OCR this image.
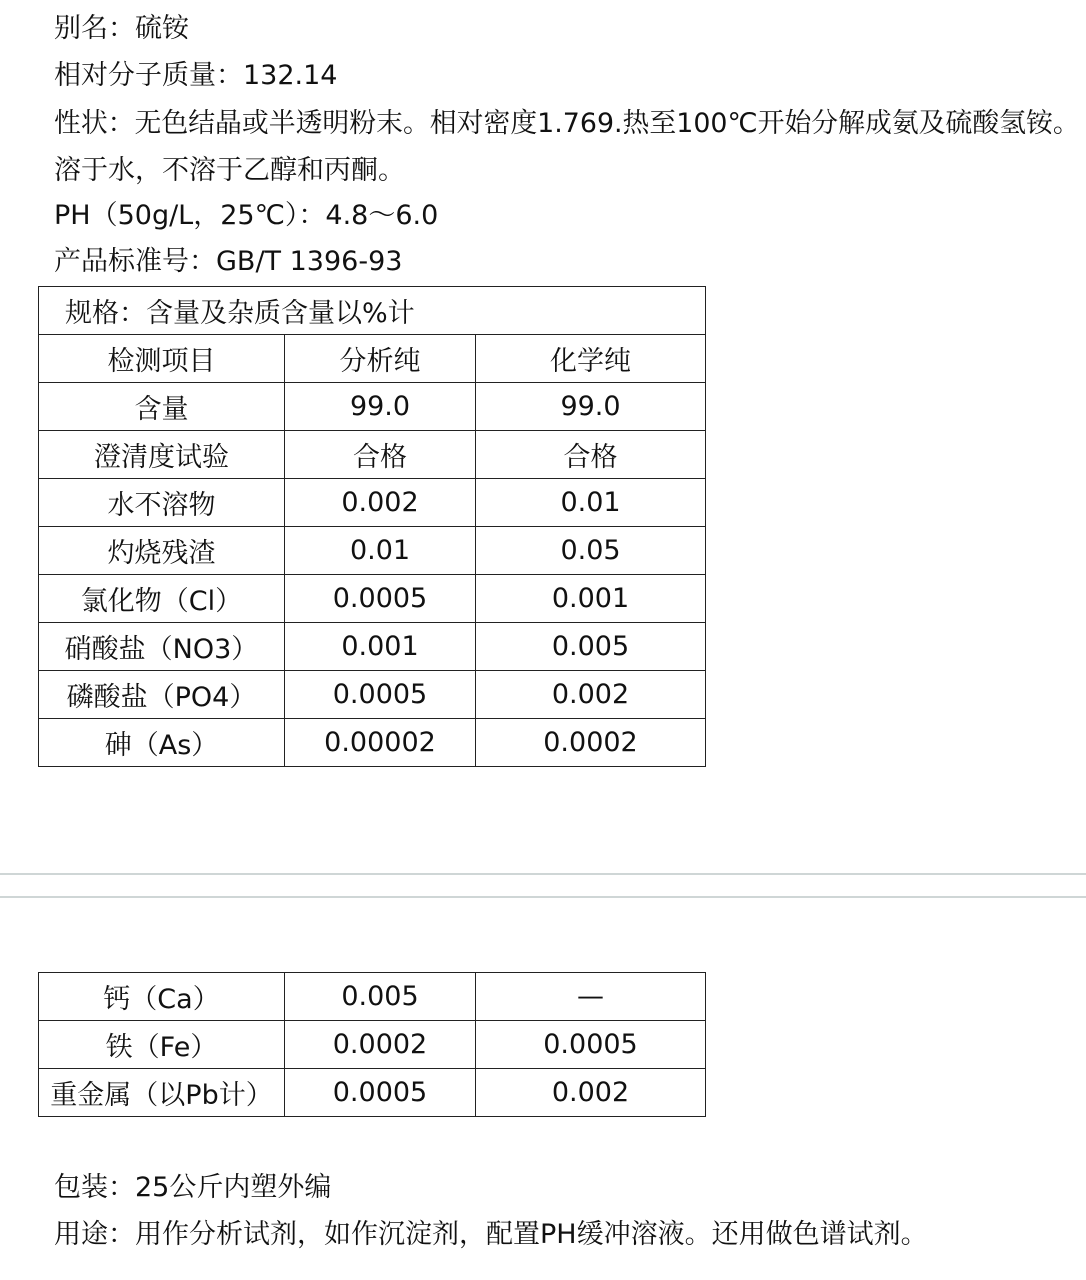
别名：硫铵
相对分子质量：132.14
性状：无色结晶或半透明粉末。相对密度1.769.热至100℃开始分解成氨及硫酸氢铵。
溶于水，不溶于乙醇和丙酮。
PH（50g/L，25℃）：4.8～6.0
产品标准号：GB/T 1396-93
规格：含量及杂质含量以%计		
检测项目	分析纯	化学纯
含量	99.0	99.0
澄清度试验	合格	合格
水不溶物	0.002	0.01
灼烧残渣	0.01	0.05
氯化物（Cl）	0.0005	0.001
硝酸盐（NO3）	0.001	0.005
磷酸盐（PO4）	0.0005	0.002
砷（As）	0.00002	0.0002
钙（Ca）	0.005	—
铁（Fe）	0.0002	0.0005
重金属（以Pb计）	0.0005	0.002
包装：25公斤内塑外编
用途：用作分析试剂，如作沉淀剂，配置PH缓冲溶液。还用做色谱试剂。
